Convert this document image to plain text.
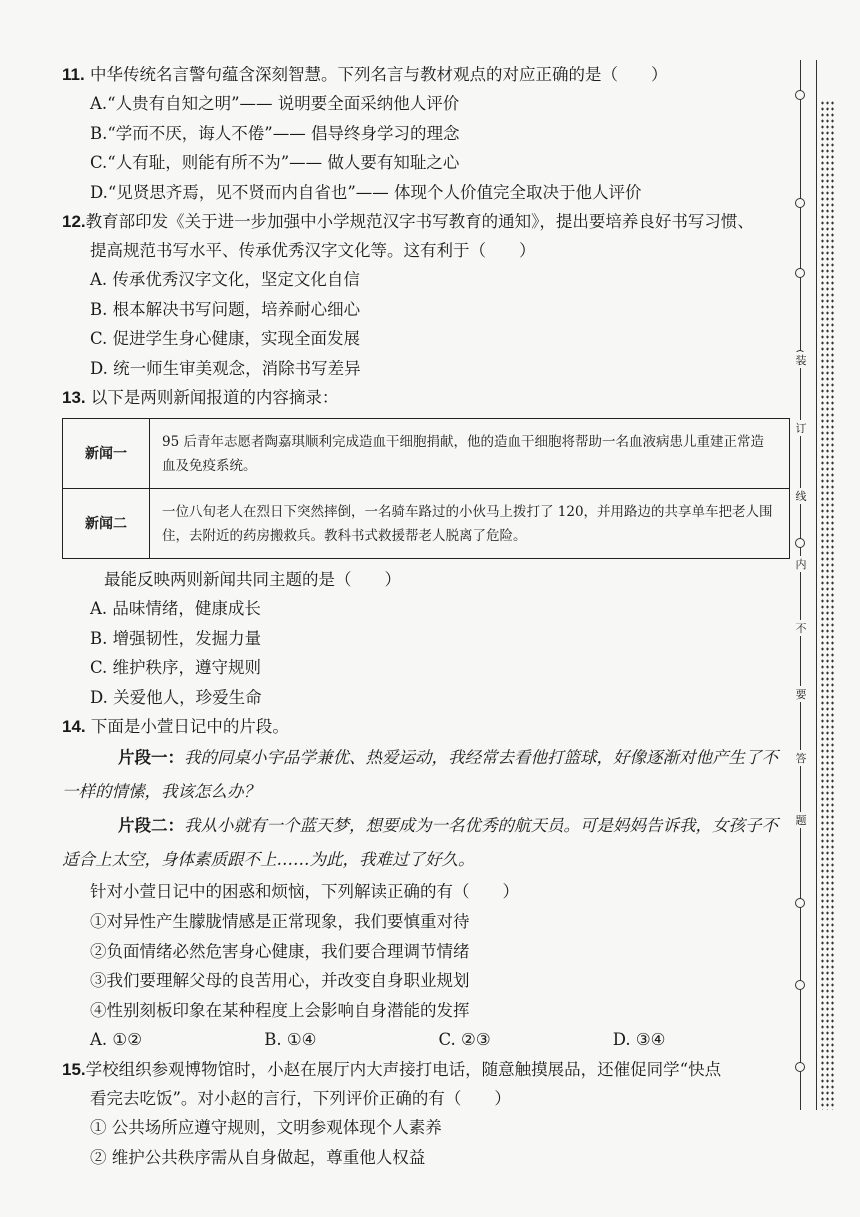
11. 中华传统名言警句蕴含深刻智慧。下列名言与教材观点的对应正确的是（　　）
A.“人贵有自知之明”—— 说明要全面采纳他人评价
B.“学而不厌，诲人不倦”—— 倡导终身学习的理念
C.“人有耻，则能有所不为”—— 做人要有知耻之心
D.“见贤思齐焉，见不贤而内自省也”—— 体现个人价值完全取决于他人评价
12.教育部印发《关于进一步加强中小学规范汉字书写教育的通知》，提出要培养良好书写习惯、
提高规范书写水平、传承优秀汉字文化等。这有利于（　　）
A. 传承优秀汉字文化，坚定文化自信
B. 根本解决书写问题，培养耐心细心
C. 促进学生身心健康，实现全面发展
D. 统一师生审美观念，消除书写差异
13. 以下是两则新闻报道的内容摘录：
新闻一	95 后青年志愿者陶嘉琪顺利完成造血干细胞捐献，他的造血干细胞将帮助一名血液病患儿重建正常造血及免疫系统。
新闻二	一位八旬老人在烈日下突然摔倒，一名骑车路过的小伙马上拨打了 120，并用路边的共享单车把老人围住，去附近的药房搬救兵。教科书式救援帮老人脱离了危险。
最能反映两则新闻共同主题的是（　　）
A. 品味情绪，健康成长
B. 增强韧性，发掘力量
C. 维护秩序，遵守规则
D. 关爱他人，珍爱生命
14. 下面是小萱日记中的片段。
片段一：我的同桌小宇品学兼优、热爱运动，我经常去看他打篮球，好像逐渐对他产生了不一样的情愫，我该怎么办？
片段二：我从小就有一个蓝天梦，想要成为一名优秀的航天员。可是妈妈告诉我，女孩子不适合上太空，身体素质跟不上……为此，我难过了好久。
针对小萱日记中的困惑和烦恼，下列解读正确的有（　　）
①对异性产生朦胧情感是正常现象，我们要慎重对待
②负面情绪必然危害身心健康，我们要合理调节情绪
③我们要理解父母的良苦用心，并改变自身职业规划
④性别刻板印象在某种程度上会影响自身潜能的发挥
A. ①②	B. ①④	C. ②③	D. ③④
15.学校组织参观博物馆时，小赵在展厅内大声接打电话，随意触摸展品，还催促同学“快点
看完去吃饭”。对小赵的言行，下列评价正确的有（　　）
① 公共场所应遵守规则，文明参观体现个人素养
② 维护公共秩序需从自身做起，尊重他人权益
装
订
线
内
不
要
答
题
